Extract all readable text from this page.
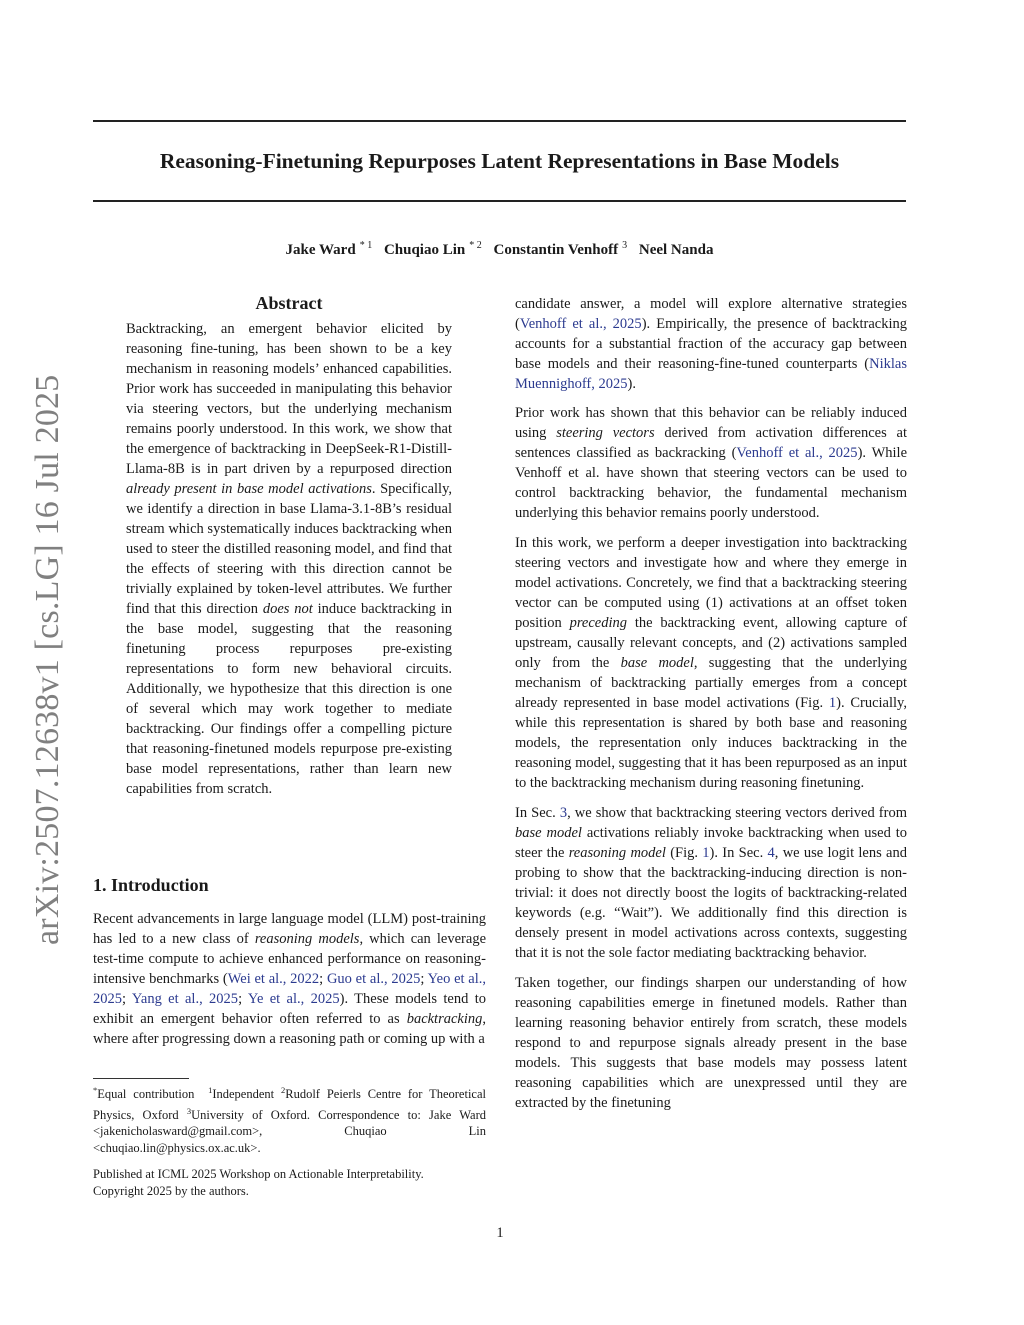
arXiv:2507.12638v1 [cs.LG] 16 Jul 2025
Reasoning-Finetuning Repurposes Latent Representations in Base Models
Jake Ward $^{* 1}$ Chuqiao Lin $^{* 2}$ Constantin Venhoff $^3$ Neel Nanda
Abstract
Backtracking, an emergent behavior elicited by reasoning fine-tuning, has been shown to be a key mechanism in reasoning models’ enhanced capabilities. Prior work has succeeded in manipulating this behavior via steering vectors, but the underlying mechanism remains poorly understood. In this work, we show that the emergence of backtracking in DeepSeek-R1-Distill-Llama-8B is in part driven by a repurposed direction already present in base model activations. Specifically, we identify a direction in base Llama-3.1-8B’s residual stream which systematically induces backtracking when used to steer the distilled reasoning model, and find that the effects of steering with this direction cannot be trivially explained by token-level attributes. We further find that this direction does not induce backtracking in the base model, suggesting that the reasoning finetuning process repurposes pre-existing representations to form new behavioral circuits. Additionally, we hypothesize that this direction is one of several which may work together to mediate backtracking. Our findings offer a compelling picture that reasoning-finetuned models repurpose pre-existing base model representations, rather than learn new capabilities from scratch.
1. Introduction
Recent advancements in large language model (LLM) post-training has led to a new class of reasoning models, which can leverage test-time compute to achieve enhanced performance on reasoning-intensive benchmarks (Wei et al., 2022; Guo et al., 2025; Yeo et al., 2025; Yang et al., 2025; Ye et al., 2025). These models tend to exhibit an emergent behavior often referred to as backtracking, where after progressing down a reasoning path or coming up with a
*Equal contribution $^1$Independent $^2$Rudolf Peierls Centre for Theoretical Physics, Oxford $^3$University of Oxford. Correspondence to: Jake Ward <jakenicholasward@gmail.com>, Chuqiao Lin <chuqiao.lin@physics.ox.ac.uk>.
Published at ICML 2025 Workshop on Actionable Interpretability.
Copyright 2025 by the authors.

candidate answer, a model will explore alternative strategies (Venhoff et al., 2025). Empirically, the presence of backtracking accounts for a substantial fraction of the accuracy gap between base models and their reasoning-fine-tuned counterparts (Niklas Muennighoff, 2025).

Prior work has shown that this behavior can be reliably induced using steering vectors derived from activation differences at sentences classified as backracking (Venhoff et al., 2025). While Venhoff et al. have shown that steering vectors can be used to control backtracking behavior, the fundamental mechanism underlying this behavior remains poorly understood.

In this work, we perform a deeper investigation into backtracking steering vectors and investigate how and where they emerge in model activations. Concretely, we find that a backtracking steering vector can be computed using (1) activations at an offset token position preceding the backtracking event, allowing capture of upstream, causally relevant concepts, and (2) activations sampled only from the base model, suggesting that the underlying mechanism of backtracking partially emerges from a concept already represented in base model activations (Fig. 1). Crucially, while this representation is shared by both base and reasoning models, the representation only induces backtracking in the reasoning model, suggesting that it has been repurposed as an input to the backtracking mechanism during reasoning finetuning.

In Sec. 3, we show that backtracking steering vectors derived from base model activations reliably invoke backtracking when used to steer the reasoning model (Fig. 1). In Sec. 4, we use logit lens and probing to show that the backtracking-inducing direction is non-trivial: it does not directly boost the logits of backtracking-related keywords (e.g. “Wait”). We additionally find this direction is densely present in model activations across contexts, suggesting that it is not the sole factor mediating backtracking behavior.

Taken together, our findings sharpen our understanding of how reasoning capabilities emerge in finetuned models. Rather than learning reasoning behavior entirely from scratch, these models respond to and repurpose signals already present in the base models. This suggests that base models may possess latent reasoning capabilities which are unexpressed until they are extracted by the finetuning

1
